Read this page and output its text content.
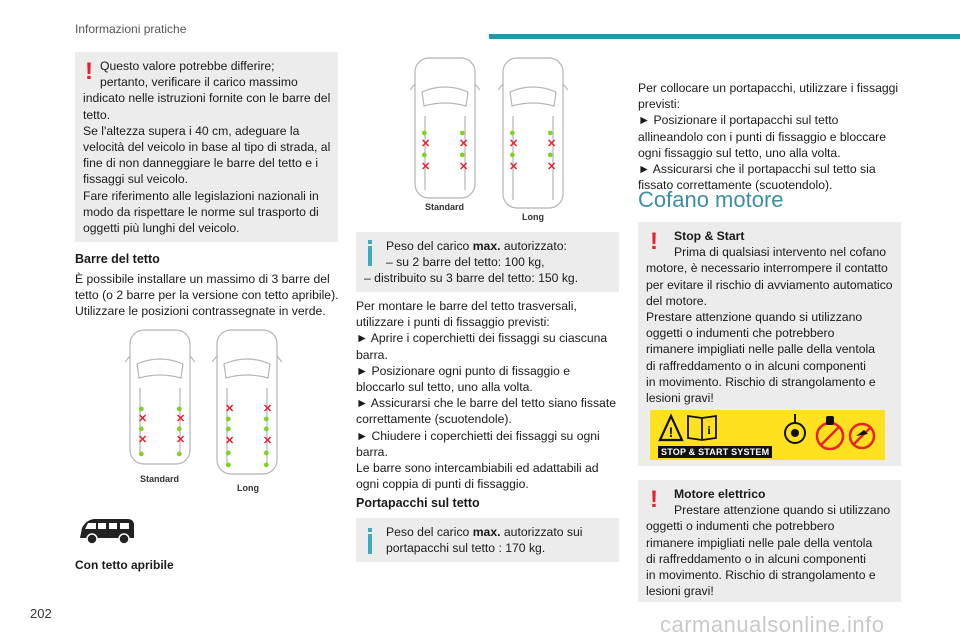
Informazioni pratiche
202	carmanualsonline.info
! Questo valore potrebbe differire;

pertanto, verificare il carico massimo

indicato nelle istruzioni fornite con le barre del

tetto.

Se l'altezza supera i 40 cm, adeguare la

velocità del veicolo in base al tipo di strada, al

fine di non danneggiare le barre del tetto e i

fissaggi sul veicolo.

Fare riferimento alle legislazioni nazionali in

modo da rispettare le norme sul trasporto di

oggetti più lunghi del veicolo.

Barre del tetto

È possibile installare un massimo di 3 barre del

tetto (o 2 barre per la versione con tetto apribile).

Utilizzare le posizioni contrassegnate in verde.

●	●
✕	✕
●	●
✕	✕
●	●
✕	✕
●	●
●	●
✕	✕
●	●
●	●
Standard
Long
Con tetto apribile
●	●
✕	✕
●	●
✕	✕
●	●
✕	✕
●	●
✕	✕
Standard
Long

Peso del carico max. autorizzato:

– su 2 barre del tetto: 100 kg,

– distribuito su 3 barre del tetto: 150 kg.

Per montare le barre del tetto trasversali,

utilizzare i punti di fissaggio previsti:

► Aprire i coperchietti dei fissaggi su ciascuna

barra.

► Posizionare ogni punto di fissaggio e

bloccarlo sul tetto, uno alla volta.

► Assicurarsi che le barre del tetto siano fissate

correttamente (scuotendole).

► Chiudere i coperchietti dei fissaggi su ogni

barra.

Le barre sono intercambiabili ed adattabili ad

ogni coppia di punti di fissaggio.

Portapacchi sul tetto

Peso del carico max. autorizzato sui

portapacchi sul tetto : 170 kg.

Per collocare un portapacchi, utilizzare i fissaggi

previsti:

► Posizionare il portapacchi sul tetto

allineandolo con i punti di fissaggio e bloccare

ogni fissaggio sul tetto, uno alla volta.

► Assicurarsi che il portapacchi sul tetto sia

fissato correttamente (scuotendolo).

Cofano motore
!	Stop & Start

Prima di qualsiasi intervento nel cofano

motore, è necessario interrompere il contatto

per evitare il rischio di avviamento automatico

del motore.

Prestare attenzione quando si utilizzano

oggetti o indumenti che potrebbero

rimanere impigliati nelle palle della ventola

di raffreddamento o in alcuni componenti

in movimento. Rischio di strangolamento e

lesioni gravi!

!	i
STOP & START SYSTEM
!	Motore elettrico

Prestare attenzione quando si utilizzano

oggetti o indumenti che potrebbero

rimanere impigliati nelle pale della ventola

di raffreddamento o in alcuni componenti

in movimento. Rischio di strangolamento e

lesioni gravi!
